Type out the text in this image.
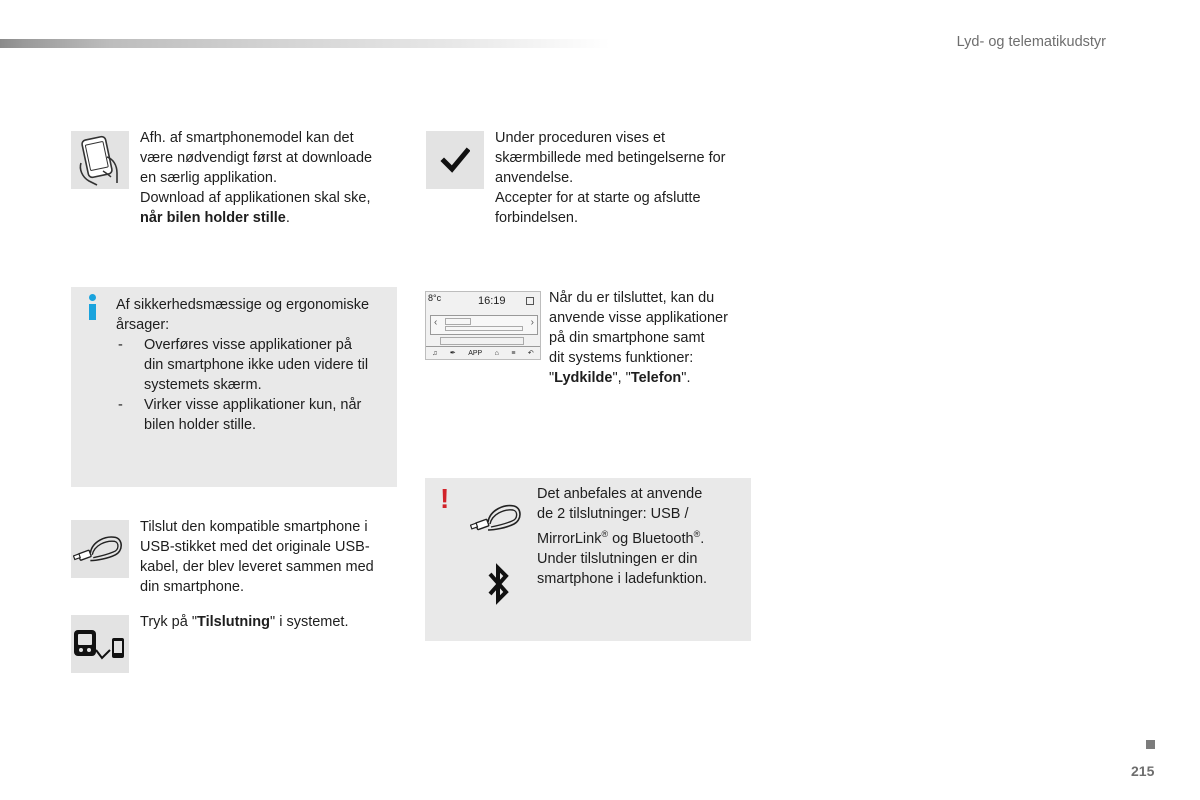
Lyd- og telematikudstyr
Afh. af smartphonemodel kan det
være nødvendigt først at downloade
en særlig applikation.
Download af applikationen skal ske,
når bilen holder stille.
Under proceduren vises et
skærmbillede med betingelserne for
anvendelse.
Accepter for at starte og afslutte
forbindelsen.
Af sikkerhedsmæssige og ergonomiske
årsager:
- Overføres visse applikationer på
din smartphone ikke uden videre til
systemets skærm.
- Virker visse applikationer kun, når
bilen holder stille.
8°c	16:19
‹	›
♫ ✒ APP ⌂ ≡ ↶
Når du er tilsluttet, kan du
anvende visse applikationer
på din smartphone samt
dit systems funktioner:
"Lydkilde", "Telefon".
!	Det anbefales at anvende
de 2 tilslutninger: USB /
MirrorLink® og Bluetooth®.
Under tilslutningen er din
smartphone i ladefunktion.
Tilslut den kompatible smartphone i
USB-stikket med det originale USB-
kabel, der blev leveret sammen med
din smartphone.
Tryk på "Tilslutning" i systemet.
215
